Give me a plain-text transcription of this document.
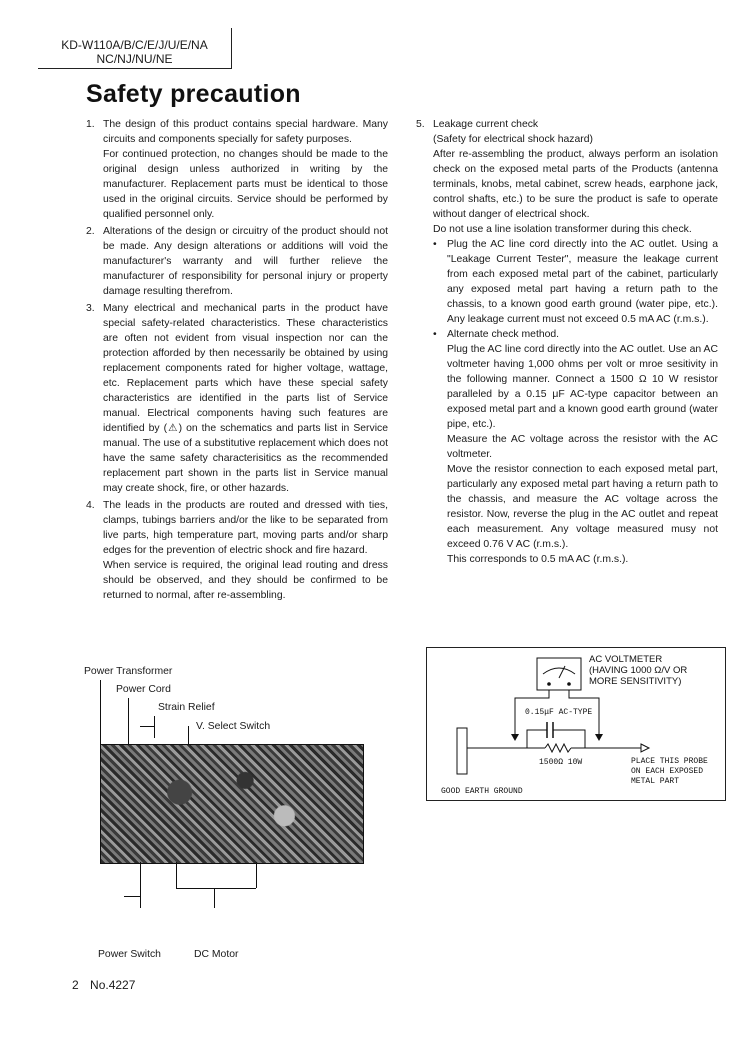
KD-W110A/B/C/E/J/U/E/NA
NC/NJ/NU/NE
Safety precaution
1. The design of this product contains special hardware. Many circuits and components specially for safety purposes.

For continued protection, no changes should be made to the original design unless authorized in writing by the manufacturer. Replacement parts must be identical to those used in the original circuits. Service should be performed by qualified personnel only.

2. Alterations of the design or circuitry of the product should not be made. Any design alterations or additions will void the manufacturer's warranty and will further relieve the manufacturer of responsibility for personal injury or property damage resulting therefrom.

3. Many electrical and mechanical parts in the product have special safety-related characteristics. These characteristics are often not evident from visual inspection nor can the protection afforded by then necessarily be obtained by using replacement components rated for higher voltage, wattage, etc. Replacement parts which have these special safety characteristics are identified in the parts list of Service manual. Electrical components having such features are identified by (⚠) on the schematics and parts list in Service manual. The use of a substitutive replacement which does not have the same safety characterisitics as the recommended replacement part shown in the parts list in Service manual may create shock, fire, or other hazards.

4. The leads in the products are routed and dressed with ties, clamps, tubings barriers and/or the like to be separated from live parts, high temperature part, moving parts and/or sharp edges for the prevention of electric shock and fire hazard.

When service is required, the original lead routing and dress should be observed, and they should be confirmed to be returned to normal, after re-assembling.

5. Leakage current check

(Safety for electrical shock hazard)

After re-assembling the product, always perform an isolation check on the exposed metal parts of the Products (antenna terminals, knobs, metal cabinet, screw heads, earphone jack, control shafts, etc.) to be sure the product is safe to operate without danger of electrical shock.

Do not use a line isolation transformer during this check.

• Plug the AC line cord directly into the AC outlet. Using a "Leakage Current Tester", measure the leakage current from each exposed metal part of the cabinet, particularly any exposed metal part having a return path to the chassis, to a known good earth ground (water pipe, etc.). Any leakage current must not exceed 0.5 mA AC (r.m.s.).

• Alternate check method.

Plug the AC line cord directly into the AC outlet. Use an AC voltmeter having 1,000 ohms per volt or mroe sesitivity in the following manner. Connect a 1500 Ω 10 W resistor paralleled by a 0.15 μF AC-type capacitor between an exposed metal part and a known good earth ground (water pipe, etc.).

Measure the AC voltage across the resistor with the AC voltmeter.

Move the resistor connection to each exposed metal part, particularly any exposed metal part having a return path to the chassis, and measure the AC voltage across the resistor. Now, reverse the plug in the AC outlet and repeat each measurement. Any voltage measured musy not exceed 0.76 V AC (r.m.s.).

This corresponds to 0.5 mA AC (r.m.s.).

Power Transformer
Power Cord
Strain Relief
V. Select Switch
Power Switch	DC Motor
AC VOLTMETER
(HAVING 1000 Ω/V OR
MORE SENSITIVITY)
0.15μF AC-TYPE
1500Ω 10W	PLACE THIS PROBE
ON EACH EXPOSED
METAL PART
GOOD EARTH GROUND
2 No.4227
